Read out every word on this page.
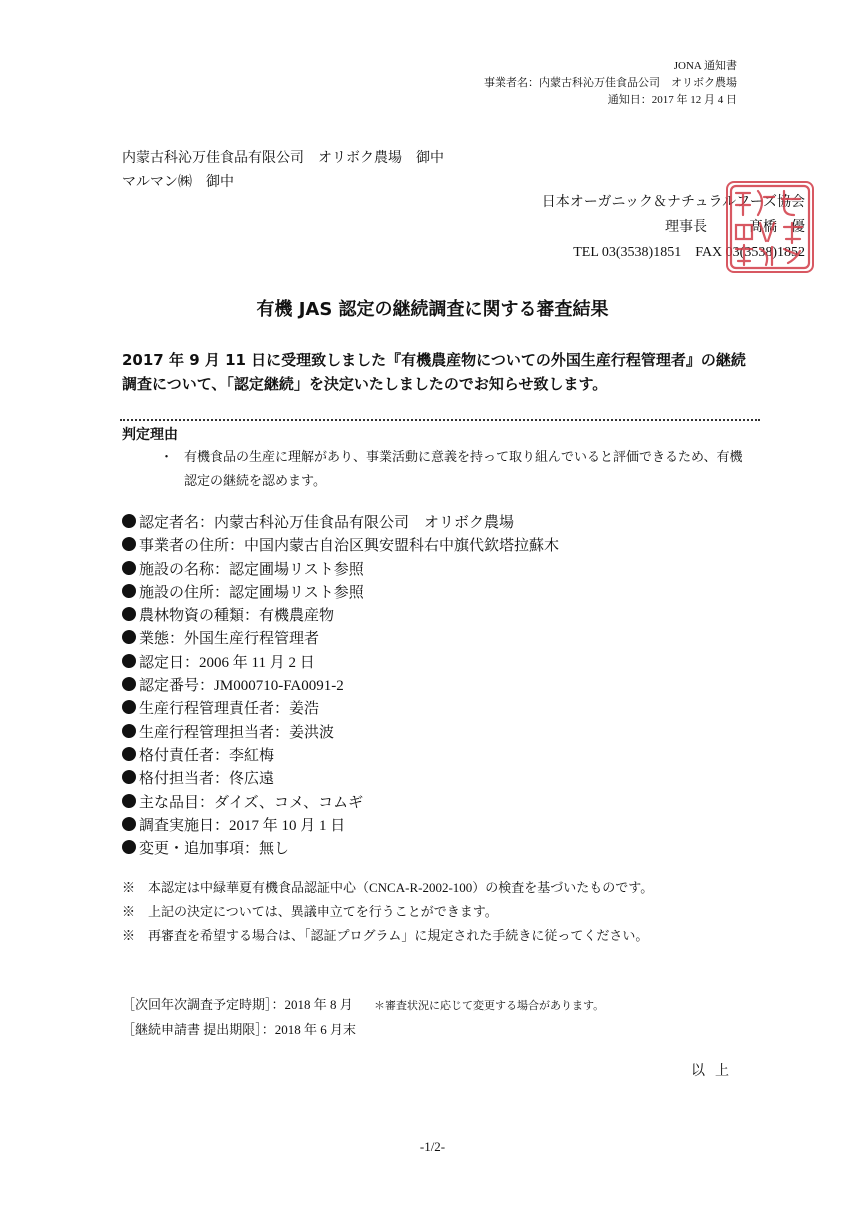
JONA 通知書
事業者名：内蒙古科沁万佳食品公司　オリボク農場
通知日：2017 年 12 月 4 日
内蒙古科沁万佳食品有限公司　オリボク農場　御中
マルマン㈱　御中
日本オーガニック＆ナチュラルフーズ協会
理事長　　　髙橋　優
TEL 03(3538)1851　FAX 03(3538)1852
有機 JAS 認定の継続調査に関する審査結果

2017 年 9 月 11 日に受理致しました『有機農産物についての外国生産行程管理者』の継続調査について、「認定継続」を決定いたしましたのでお知らせ致します。

判定理由
・ 有機食品の生産に理解があり、事業活動に意義を持って取り組んでいると評価できるため、有機認定の継続を認めます。
認定者名：内蒙古科沁万佳食品有限公司　オリボク農場
事業者の住所：中国内蒙古自治区興安盟科右中旗代欽塔拉蘇木
施設の名称：認定圃場リスト参照
施設の住所：認定圃場リスト参照
農林物資の種類：有機農産物
業態：外国生産行程管理者
認定日：2006 年 11 月 2 日
認定番号：JM000710-FA0091-2
生産行程管理責任者：姜浩
生産行程管理担当者：姜洪波
格付責任者：李紅梅
格付担当者：佟広遠
主な品目：ダイズ、コメ、コムギ
調査実施日：2017 年 10 月 1 日
変更・追加事項：無し
※　本認定は中緑華夏有機食品認証中心（CNCA-R-2002-100）の検査を基づいたものです。
※　上記の決定については、異議申立てを行うことができます。
※　再審査を希望する場合は、「認証プログラム」に規定された手続きに従ってください。
［次回年次調査予定時期］：2018 年 8 月 ＊審査状況に応じて変更する場合があります。
［継続申請書 提出期限］：2018 年 6 月末
以上
-1/2-
